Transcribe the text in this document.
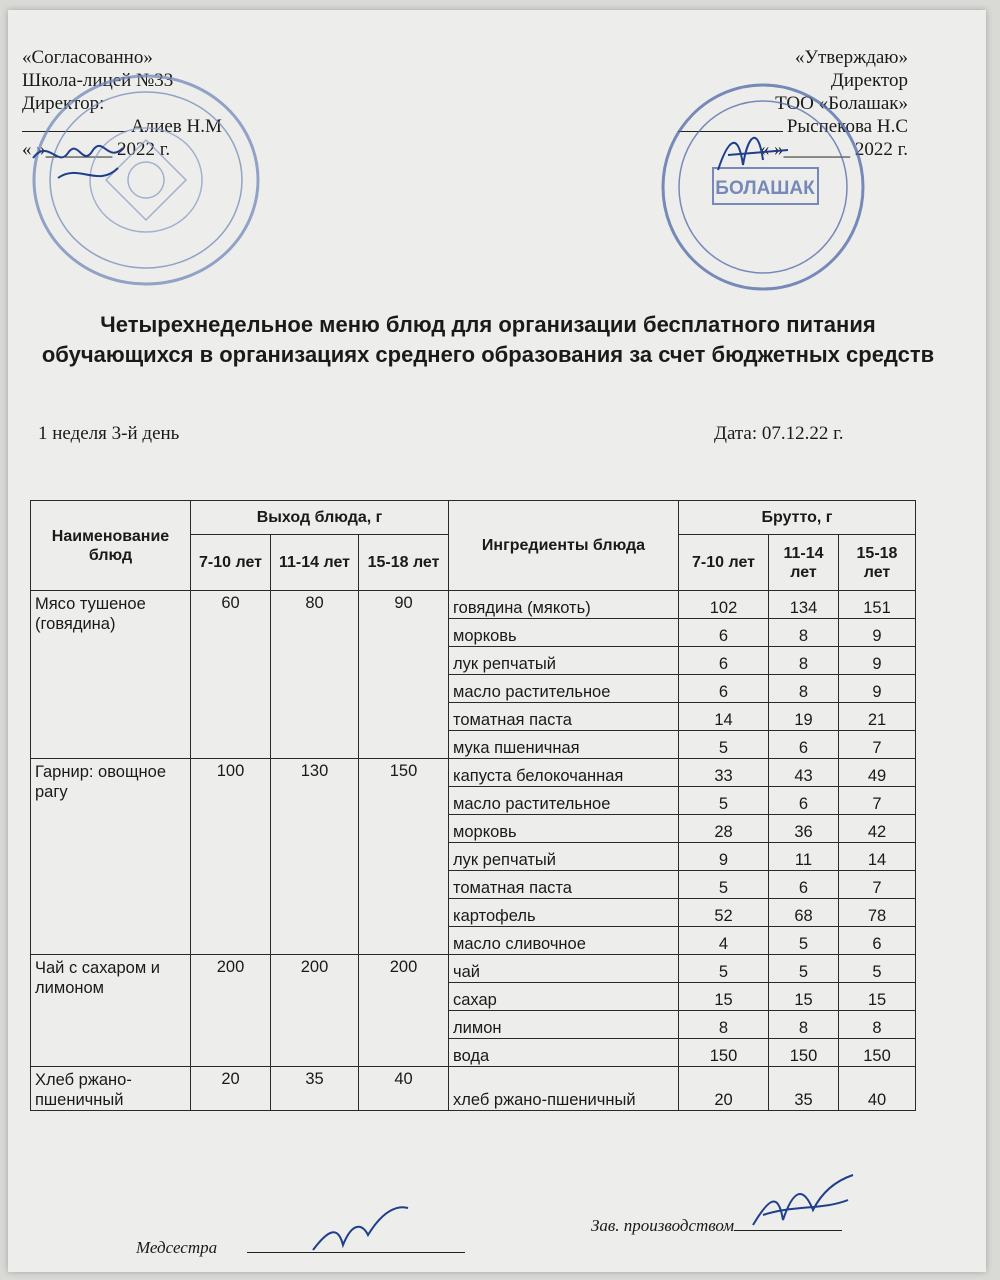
«Согласованно»
Школа-лицей №33
Директор:
Алиев Н.М
« »_______ 2022 г.
«Утверждаю»
Директор
ТОО «Болашак»
Рыспекова Н.С
« »_______ 2022 г.
БОЛАШАК
Четырехнедельное меню блюд для организации бесплатного питания обучающихся в организациях среднего образования за счет бюджетных средств
1 неделя 3-й день	Дата: 07.12.22 г.
Наименование блюд	Выход блюда, г			Ингредиенты блюда	Брутто, г		
	7-10 лет	11-14 лет	15-18 лет		7-10 лет	11-14 лет	15-18 лет
Мясо тушеное (говядина)	60	80	90	говядина (мякоть)	102	134	151
				морковь	6	8	9
				лук репчатый	6	8	9
				масло растительное	6	8	9
				томатная паста	14	19	21
				мука пшеничная	5	6	7
Гарнир: овощное рагу	100	130	150	капуста белокочанная	33	43	49
				масло растительное	5	6	7
				морковь	28	36	42
				лук репчатый	9	11	14
				томатная паста	5	6	7
				картофель	52	68	78
				масло сливочное	4	5	6
Чай с сахаром и лимоном	200	200	200	чай	5	5	5
				сахар	15	15	15
				лимон	8	8	8
				вода	150	150	150
Хлеб ржано-пшеничный	20	35	40	хлеб ржано-пшеничный	20	35	40
Медсестра
Зав. производством
